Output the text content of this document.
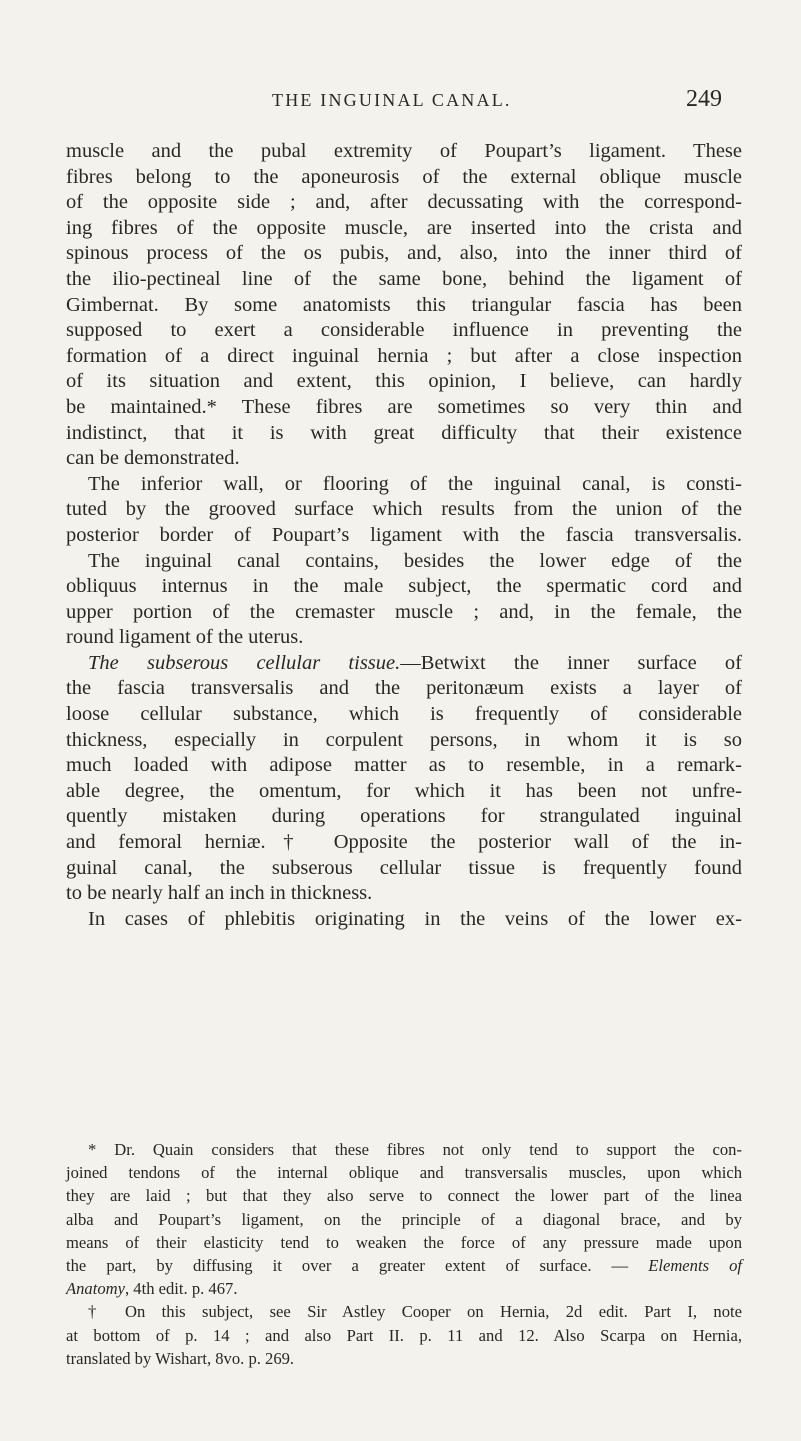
THE INGUINAL CANAL.	249
muscle and the pubal extremity of Poupart’s ligament. These
fibres belong to the aponeurosis of the external oblique muscle
of the opposite side ; and, after decussating with the correspond-
ing fibres of the opposite muscle, are inserted into the crista and
spinous process of the os pubis, and, also, into the inner third of
the ilio-pectineal line of the same bone, behind the ligament of
Gimbernat. By some anatomists this triangular fascia has been
supposed to exert a considerable influence in preventing the
formation of a direct inguinal hernia ; but after a close inspection
of its situation and extent, this opinion, I believe, can hardly
be maintained.* These fibres are sometimes so very thin and
indistinct, that it is with great difficulty that their existence
can be demonstrated.
The inferior wall, or flooring of the inguinal canal, is consti-
tuted by the grooved surface which results from the union of the
posterior border of Poupart’s ligament with the fascia transversalis.
The inguinal canal contains, besides the lower edge of the
obliquus internus in the male subject, the spermatic cord and
upper portion of the cremaster muscle ; and, in the female, the
round ligament of the uterus.
The subserous cellular tissue.—Betwixt the inner surface of
the fascia transversalis and the peritonæum exists a layer of
loose cellular substance, which is frequently of considerable
thickness, especially in corpulent persons, in whom it is so
much loaded with adipose matter as to resemble, in a remark-
able degree, the omentum, for which it has been not unfre-
quently mistaken during operations for strangulated inguinal
and femoral herniæ.† Opposite the posterior wall of the in-
guinal canal, the subserous cellular tissue is frequently found
to be nearly half an inch in thickness.
In cases of phlebitis originating in the veins of the lower ex-
* Dr. Quain considers that these fibres not only tend to support the con-
joined tendons of the internal oblique and transversalis muscles, upon which
they are laid ; but that they also serve to connect the lower part of the linea
alba and Poupart’s ligament, on the principle of a diagonal brace, and by
means of their elasticity tend to weaken the force of any pressure made upon
the part, by diffusing it over a greater extent of surface. — Elements of
Anatomy, 4th edit. p. 467.
† On this subject, see Sir Astley Cooper on Hernia, 2d edit. Part I, note
at bottom of p. 14 ; and also Part II. p. 11 and 12. Also Scarpa on Hernia,
translated by Wishart, 8vo. p. 269.
